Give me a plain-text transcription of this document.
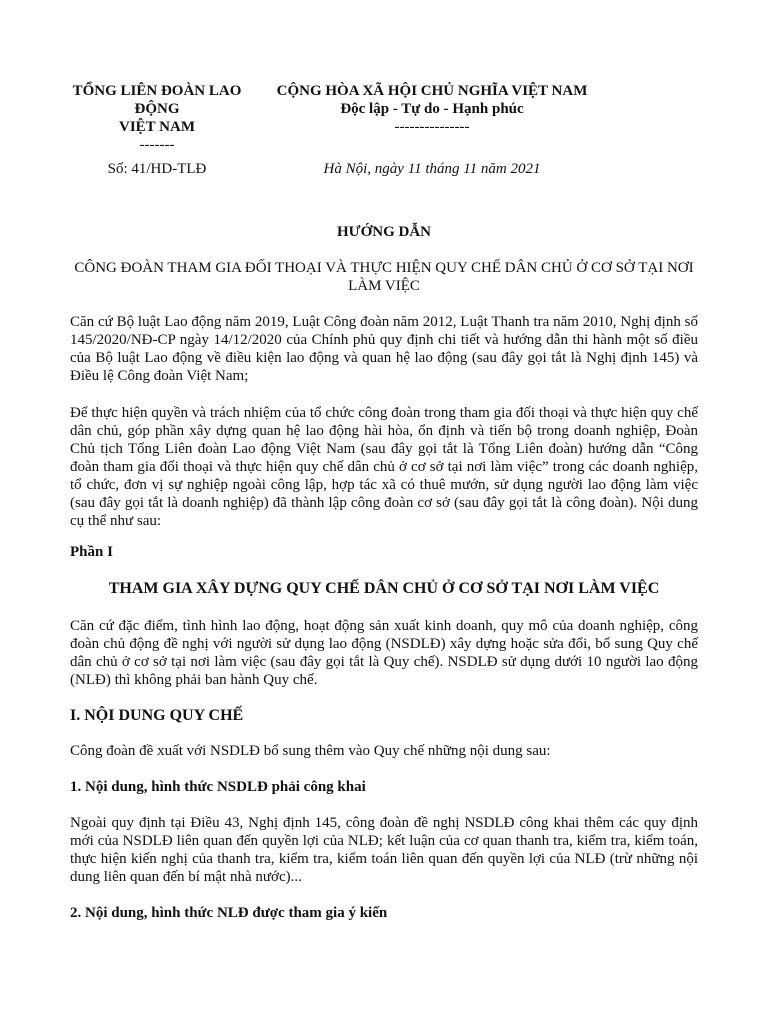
TỔNG LIÊN ĐOÀN LAO
ĐỘNG
VIỆT NAM
-------
CỘNG HÒA XÃ HỘI CHỦ NGHĨA VIỆT NAM
Độc lập - Tự do - Hạnh phúc
---------------
Số: 41/HD-TLĐ	Hà Nội, ngày 11 tháng 11 năm 2021
HƯỚNG DẪN
CÔNG ĐOÀN THAM GIA ĐỐI THOẠI VÀ THỰC HIỆN QUY CHẾ DÂN CHỦ Ở CƠ SỞ TẠI NƠI
LÀM VIỆC
Căn cứ Bộ luật Lao động năm 2019, Luật Công đoàn năm 2012, Luật Thanh tra năm 2010, Nghị định số 145/2020/NĐ-CP ngày 14/12/2020 của Chính phủ quy định chi tiết và hướng dẫn thi hành một số điều của Bộ luật Lao động về điều kiện lao động và quan hệ lao động (sau đây gọi tắt là Nghị định 145) và Điều lệ Công đoàn Việt Nam;
Để thực hiện quyền và trách nhiệm của tổ chức công đoàn trong tham gia đối thoại và thực hiện quy chế dân chủ, góp phần xây dựng quan hệ lao động hài hòa, ổn định và tiến bộ trong doanh nghiệp, Đoàn Chủ tịch Tổng Liên đoàn Lao động Việt Nam (sau đây gọi tắt là Tổng Liên đoàn) hướng dẫn “Công đoàn tham gia đối thoại và thực hiện quy chế dân chủ ở cơ sở tại nơi làm việc” trong các doanh nghiệp, tổ chức, đơn vị sự nghiệp ngoài công lập, hợp tác xã có thuê mướn, sử dụng người lao động làm việc (sau đây gọi tắt là doanh nghiệp) đã thành lập công đoàn cơ sở (sau đây gọi tắt là công đoàn). Nội dung cụ thể như sau:
Phần I
THAM GIA XÂY DỰNG QUY CHẾ DÂN CHỦ Ở CƠ SỞ TẠI NƠI LÀM VIỆC
Căn cứ đặc điểm, tình hình lao động, hoạt động sản xuất kinh doanh, quy mô của doanh nghiệp, công đoàn chủ động đề nghị với người sử dụng lao động (NSDLĐ) xây dựng hoặc sửa đổi, bổ sung Quy chế dân chủ ở cơ sở tại nơi làm việc (sau đây gọi tắt là Quy chế). NSDLĐ sử dụng dưới 10 người lao động (NLĐ) thì không phải ban hành Quy chế.
I. NỘI DUNG QUY CHẾ
Công đoàn đề xuất với NSDLĐ bổ sung thêm vào Quy chế những nội dung sau:
1. Nội dung, hình thức NSDLĐ phải công khai
Ngoài quy định tại Điều 43, Nghị định 145, công đoàn đề nghị NSDLĐ công khai thêm các quy định mới của NSDLĐ liên quan đến quyền lợi của NLĐ; kết luận của cơ quan thanh tra, kiểm tra, kiểm toán, thực hiện kiến nghị của thanh tra, kiểm tra, kiểm toán liên quan đến quyền lợi của NLĐ (trừ những nội dung liên quan đến bí mật nhà nước)...
2. Nội dung, hình thức NLĐ được tham gia ý kiến
